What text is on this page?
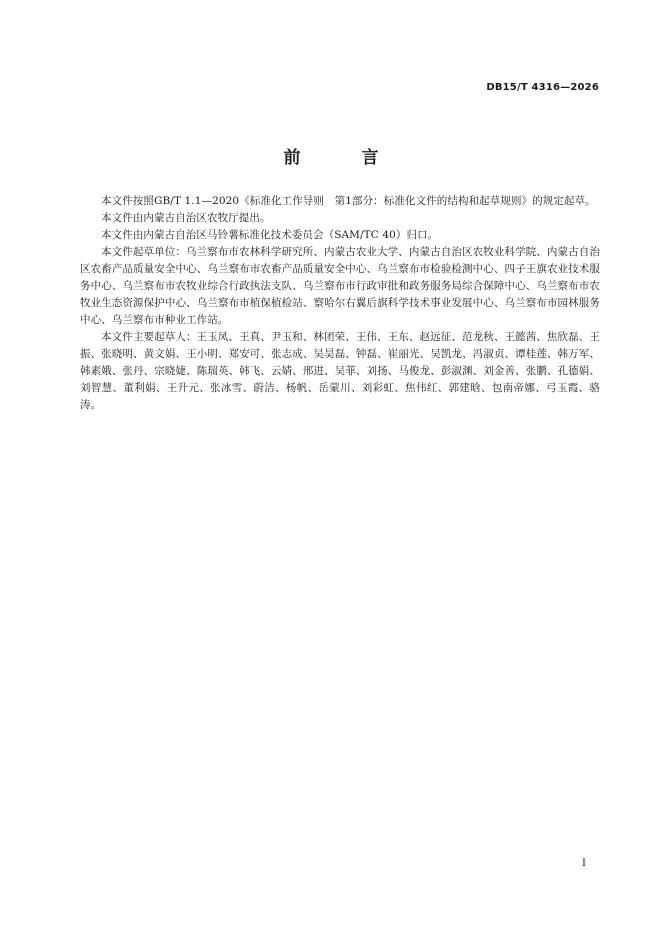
DB15/T 4316—2026
前　言

本文件按照GB/T 1.1—2020《标准化工作导则　第1部分：标准化文件的结构和起草规则》的规定起草。

本文件由内蒙古自治区农牧厅提出。

本文件由内蒙古自治区马铃薯标准化技术委员会（SAM/TC 40）归口。

本文件起草单位：乌兰察布市农林科学研究所、内蒙古农业大学、内蒙古自治区农牧业科学院、内蒙古自治区农畜产品质量安全中心、乌兰察布市农畜产品质量安全中心、乌兰察布市检验检测中心、四子王旗农业技术服务中心、乌兰察布市农牧业综合行政执法支队、乌兰察布市行政审批和政务服务局综合保障中心、乌兰察布市农牧业生态资源保护中心、乌兰察布市植保植检站、察哈尔右翼后旗科学技术事业发展中心、乌兰察布市园林服务中心、乌兰察布市种业工作站。

本文件主要起草人：王玉凤、王真、尹玉和、林团荣、王伟、王东、赵远征、范龙秋、王懿茜、焦欣磊、王振、张晓明、黄文娟、王小明、郑安可、张志成、吴昊磊、钟磊、崔丽光、吴凯龙、冯淑贞、谭桂莲、韩万军、韩素娥、张丹、宗晓婕、陈瑞英、韩飞、云婧、邢进、吴菲、刘扬、马俊龙、彭淑渊、刘金善、张鹏、孔德娟、刘智慧、董利娟、王升元、张冰雪、蔚洁、杨帆、岳蒙川、刘彩虹、焦伟红、郭建晗、包南帝娜、弓玉霞、骆涛。

I
